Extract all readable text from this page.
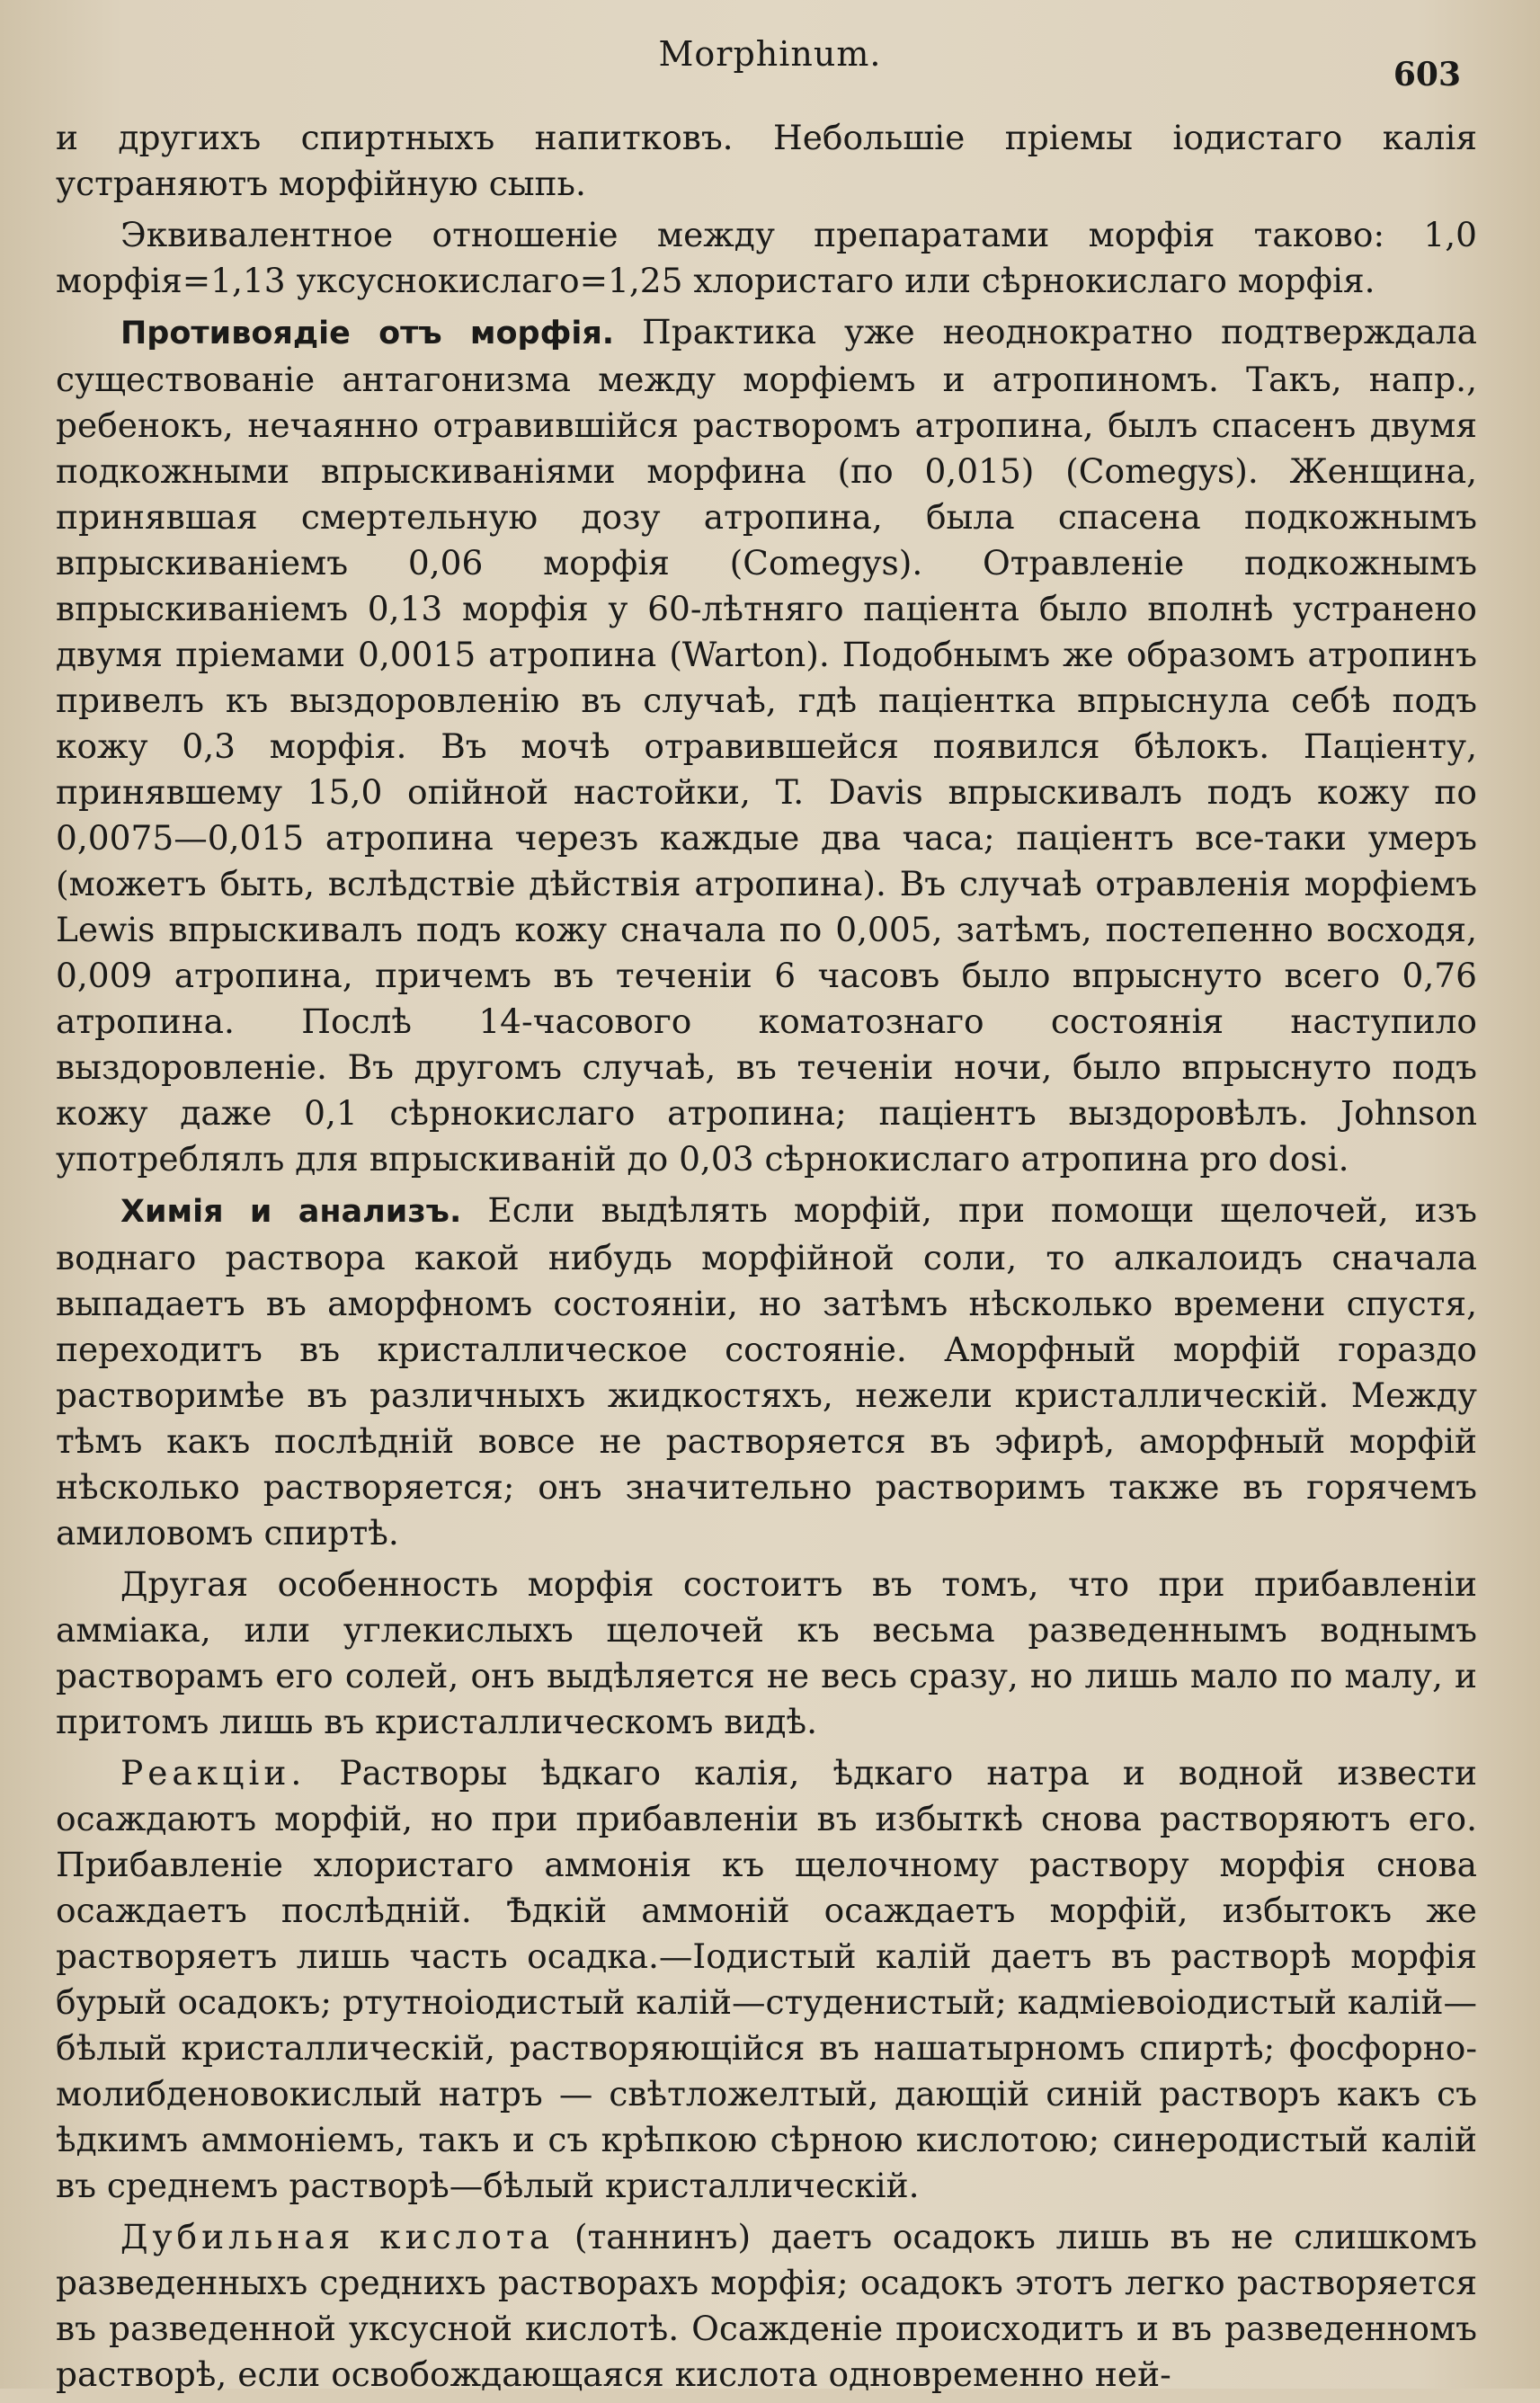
Morphinum.
603

и другихъ спиртныхъ напитковъ. Небольшіе пріемы іодистаго калія устраняютъ морфійную сыпь.

Эквивалентное отношеніе между препаратами морфія таково: 1,0 морфія=1,13 уксуснокислаго=1,25 хлористаго или сѣрнокислаго морфія.

Противоядіе отъ морфія. Практика уже неоднократно подтверждала существованіе антагонизма между морфіемъ и атропиномъ. Такъ, напр., ребенокъ, нечаянно отравившійся растворомъ атропина, былъ спасенъ двумя подкожными впрыскиваніями морфина (по 0,015) (Comegys). Женщина, принявшая смертельную дозу атропина, была спасена подкожнымъ впрыскиваніемъ 0,06 морфія (Comegys). Отравленіе подкожнымъ впрыскиваніемъ 0,13 морфія у 60-лѣтняго паціента было вполнѣ устранено двумя пріемами 0,0015 атропина (Warton). Подобнымъ же образомъ атропинъ привелъ къ выздоровленію въ случаѣ, гдѣ паціентка впрыснула себѣ подъ кожу 0,3 морфія. Въ мочѣ отравившейся появился бѣлокъ. Паціенту, принявшему 15,0 опійной настойки, T. Davis впрыскивалъ подъ кожу по 0,0075—0,015 атропина черезъ каждые два часа; паціентъ все-таки умеръ (можетъ быть, вслѣдствіе дѣйствія атропина). Въ случаѣ отравленія морфіемъ Lewis впрыскивалъ подъ кожу сначала по 0,005, затѣмъ, постепенно восходя, 0,009 атропина, причемъ въ теченіи 6 часовъ было впрыснуто всего 0,76 атропина. Послѣ 14-часового коматознаго состоянія наступило выздоровленіе. Въ другомъ случаѣ, въ теченіи ночи, было впрыснуто подъ кожу даже 0,1 сѣрнокислаго атропина; паціентъ выздоровѣлъ. Johnson употреблялъ для впрыскиваній до 0,03 сѣрнокислаго атропина pro dosi.

Химія и анализъ. Если выдѣлять морфій, при помощи щелочей, изъ воднаго раствора какой нибудь морфійной соли, то алкалоидъ сначала выпадаетъ въ аморфномъ состояніи, но затѣмъ нѣсколько времени спустя, переходитъ въ кристаллическое состояніе. Аморфный морфій гораздо растворимѣе въ различныхъ жидкостяхъ, нежели кристаллическій. Между тѣмъ какъ послѣдній вовсе не растворяется въ эфирѣ, аморфный морфій нѣсколько растворяется; онъ значительно растворимъ также въ горячемъ амиловомъ спиртѣ.

Другая особенность морфія состоитъ въ томъ, что при прибавленіи амміака, или углекислыхъ щелочей къ весьма разведеннымъ воднымъ растворамъ его солей, онъ выдѣляется не весь сразу, но лишь мало по малу, и притомъ лишь въ кристаллическомъ видѣ.

Реакціи. Растворы ѣдкаго калія, ѣдкаго натра и водной извести осаждаютъ морфій, но при прибавленіи въ избыткѣ снова растворяютъ его. Прибавленіе хлористаго аммонія къ щелочному раствору морфія снова осаждаетъ послѣдній. Ѣдкій аммоній осаждаетъ морфій, избытокъ же растворяетъ лишь часть осадка.—Іодистый калій даетъ въ растворѣ морфія бурый осадокъ; ртутноіодистый калій—студенистый; кадміевоіодистый калій—бѣлый кристаллическій, растворяющійся въ нашатырномъ спиртѣ; фосфорно-молибденовокислый натръ — свѣтложелтый, дающій синій растворъ какъ съ ѣдкимъ аммоніемъ, такъ и съ крѣпкою сѣрною кислотою; синеродистый калій въ среднемъ растворѣ—бѣлый кристаллическій.

Дубильная кислота (таннинъ) даетъ осадокъ лишь въ не слишкомъ разведенныхъ среднихъ растворахъ морфія; осадокъ этотъ легко растворяется въ разведенной уксусной кислотѣ. Осажденіе происходитъ и въ разведенномъ растворѣ, если освобождающаяся кислота одновременно ней-
